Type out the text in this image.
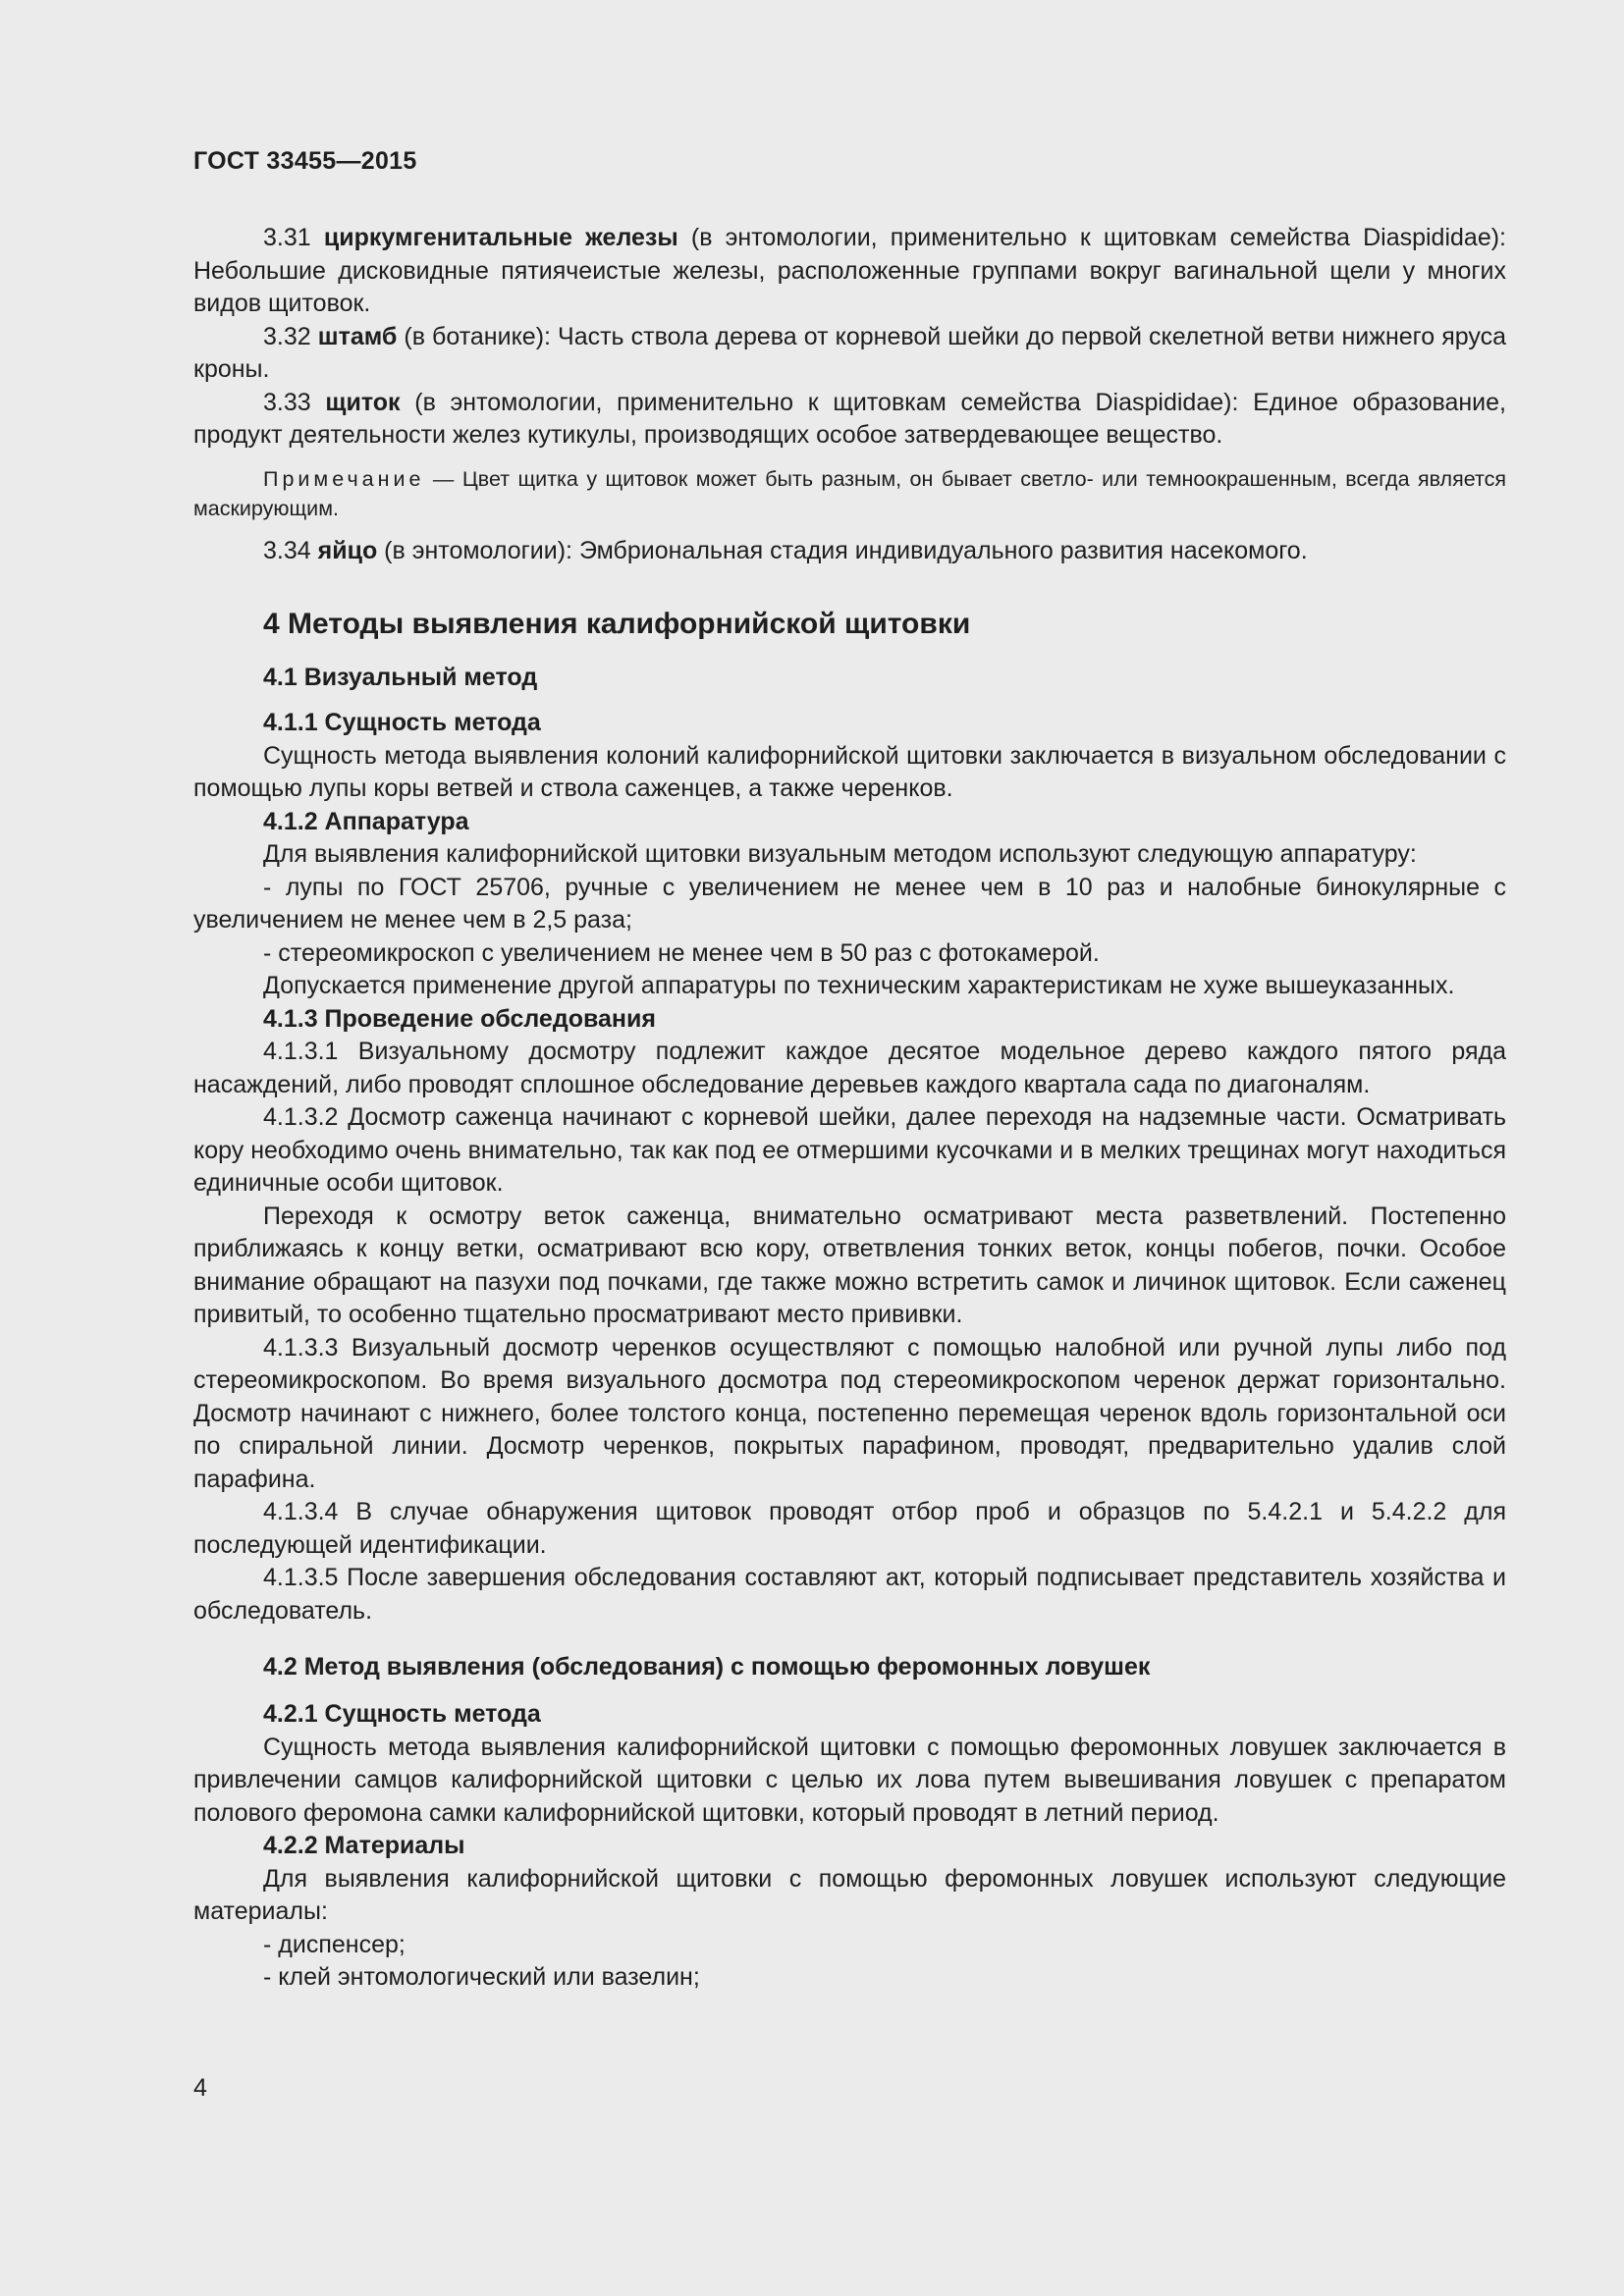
ГОСТ 33455—2015

3.31 циркумгенитальные железы (в энтомологии, применительно к щитовкам семейства Diaspididae): Небольшие дисковидные пятиячеистые железы, расположенные группами вокруг вагинальной щели у многих видов щитовок.

3.32 штамб (в ботанике): Часть ствола дерева от корневой шейки до первой скелетной ветви нижнего яруса кроны.

3.33 щиток (в энтомологии, применительно к щитовкам семейства Diaspididae): Единое образование, продукт деятельности желез кутикулы, производящих особое затвердевающее вещество.

Примечание — Цвет щитка у щитовок может быть разным, он бывает светло- или темноокрашенным, всегда является маскирующим.

3.34 яйцо (в энтомологии): Эмбриональная стадия индивидуального развития насекомого.

4 Методы выявления калифорнийской щитовки
4.1 Визуальный метод
4.1.1 Сущность метода

Сущность метода выявления колоний калифорнийской щитовки заключается в визуальном обследовании с помощью лупы коры ветвей и ствола саженцев, а также черенков.

4.1.2 Аппаратура

Для выявления калифорнийской щитовки визуальным методом используют следующую аппаратуру:

- лупы по ГОСТ 25706, ручные с увеличением не менее чем в 10 раз и налобные бинокулярные с увеличением не менее чем в 2,5 раза;

- стереомикроскоп с увеличением не менее чем в 50 раз с фотокамерой.

Допускается применение другой аппаратуры по техническим характеристикам не хуже вышеуказанных.

4.1.3 Проведение обследования

4.1.3.1 Визуальному досмотру подлежит каждое десятое модельное дерево каждого пятого ряда насаждений, либо проводят сплошное обследование деревьев каждого квартала сада по диагоналям.

4.1.3.2 Досмотр саженца начинают с корневой шейки, далее переходя на надземные части. Осматривать кору необходимо очень внимательно, так как под ее отмершими кусочками и в мелких трещинах могут находиться единичные особи щитовок.

Переходя к осмотру веток саженца, внимательно осматривают места разветвлений. Постепенно приближаясь к концу ветки, осматривают всю кору, ответвления тонких веток, концы побегов, почки. Особое внимание обращают на пазухи под почками, где также можно встретить самок и личинок щитовок. Если саженец привитый, то особенно тщательно просматривают место прививки.

4.1.3.3 Визуальный досмотр черенков осуществляют с помощью налобной или ручной лупы либо под стереомикроскопом. Во время визуального досмотра под стереомикроскопом черенок держат горизонтально. Досмотр начинают с нижнего, более толстого конца, постепенно перемещая черенок вдоль горизонтальной оси по спиральной линии. Досмотр черенков, покрытых парафином, проводят, предварительно удалив слой парафина.

4.1.3.4 В случае обнаружения щитовок проводят отбор проб и образцов по 5.4.2.1 и 5.4.2.2 для последующей идентификации.

4.1.3.5 После завершения обследования составляют акт, который подписывает представитель хозяйства и обследователь.

4.2 Метод выявления (обследования) с помощью феромонных ловушек
4.2.1 Сущность метода

Сущность метода выявления калифорнийской щитовки с помощью феромонных ловушек заключается в привлечении самцов калифорнийской щитовки с целью их лова путем вывешивания ловушек с препаратом полового феромона самки калифорнийской щитовки, который проводят в летний период.

4.2.2 Материалы

Для выявления калифорнийской щитовки с помощью феромонных ловушек используют следующие материалы:

- диспенсер;

- клей энтомологический или вазелин;

4
